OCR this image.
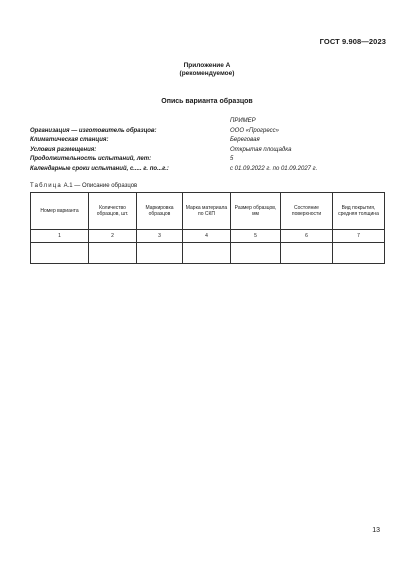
ГОСТ 9.908—2023
Приложение А
(рекомендуемое)
Опись варианта образцов
ПРИМЕР
Организация — изготовитель образцов:	ООО «Прогресс»
Климатическая станция:	Береговая
Условия размещения:	Открытая площадка
Продолжительность испытаний, лет:	5
Календарные сроки испытаний, с..... г. по...г.:	с 01.09.2022 г. по 01.09.2027 г.
Таблица А.1 — Описание образцов
Номер варианта	Количество образцов, шт.	Маркировка образцов	Марка материала по СКП	Размер образцов, мм	Состояние поверхности	Вид покрытия, средняя толщина
1	2	3	4	5	6	7

13
